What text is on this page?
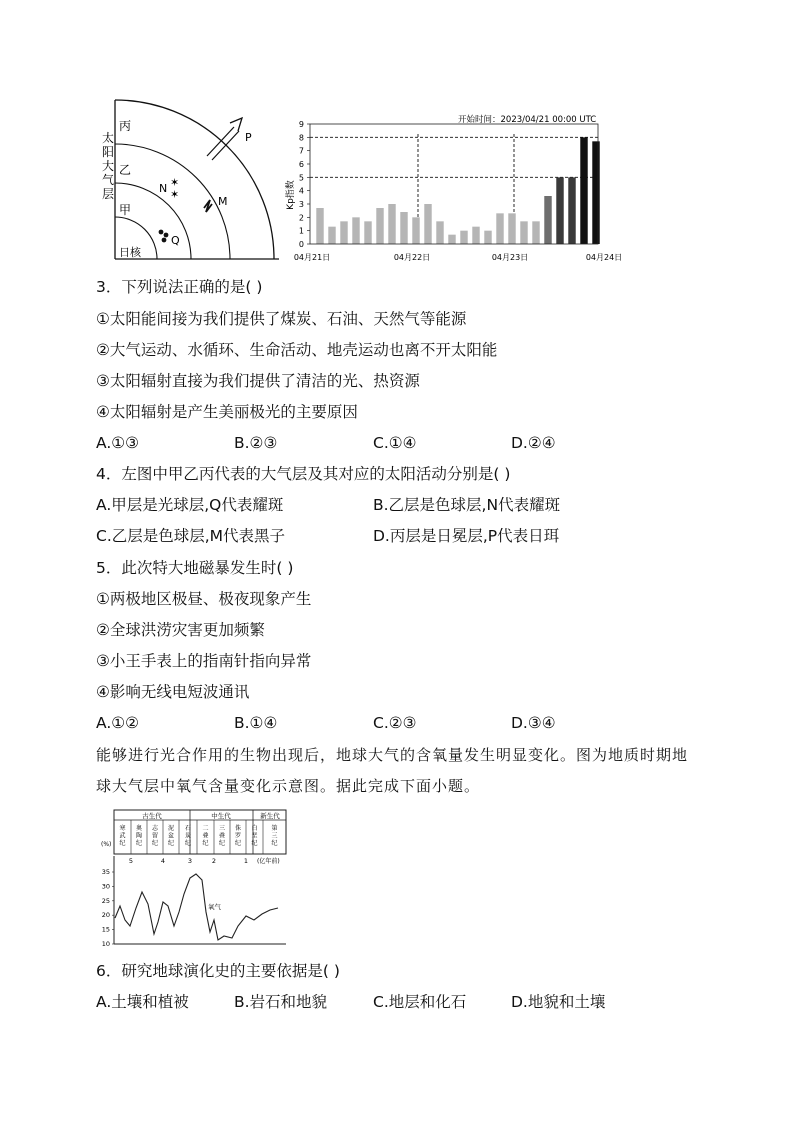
太
阳
大
气
层
丙
乙
甲
日核
P
N ✶
✶
M
Q
开始时间：2023/04/21 00:00 UTC
Kp指数
0
1
2
3
4
5
6
7
8
9
04月21日	04月22日	04月23日	04月24日
3．下列说法正确的是( )
①太阳能间接为我们提供了煤炭、石油、天然气等能源
②大气运动、水循环、生命活动、地壳运动也离不开太阳能
③太阳辐射直接为我们提供了清洁的光、热资源
④太阳辐射是产生美丽极光的主要原因
A.①③	B.②③	C.①④	D.②④
4．左图中甲乙丙代表的大气层及其对应的太阳活动分别是( )
A.甲层是光球层,Q代表耀斑	B.乙层是色球层,N代表耀斑
C.乙层是色球层,M代表黑子	D.丙层是日冕层,P代表日珥
5．此次特大地磁暴发生时( )
①两极地区极昼、极夜现象产生
②全球洪涝灾害更加频繁
③小王手表上的指南针指向异常
④影响无线电短波通讯
A.①②	B.①④	C.②③	D.③④
能够进行光合作用的生物出现后，地球大气的含氧量发生明显变化。图为地质时期地
球大气层中氧气含量变化示意图。据此完成下面小题。
古生代	中生代	新生代
寒武纪
奥陶纪
志留纪
泥盆纪
石炭纪
二叠纪
三叠纪
侏罗纪
白垩纪
第三纪
(%)
5	4	3	2	1 (亿年前)
35
30
25
20
15
10
氧气
6．研究地球演化史的主要依据是( )
A.土壤和植被	B.岩石和地貌	C.地层和化石	D.地貌和土壤
